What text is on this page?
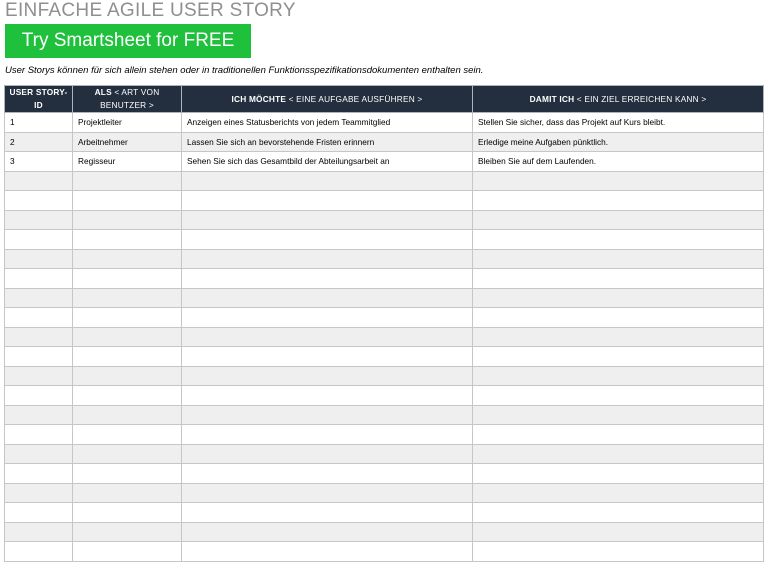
EINFACHE AGILE USER STORY
Try Smartsheet for FREE
User Storys können für sich allein stehen oder in traditionellen Funktionsspezifikationsdokumenten enthalten sein.
USER STORY-ID	ALS < ART VON BENUTZER >	ICH MÖCHTE < EINE AUFGABE AUSFÜHREN >	DAMIT ICH < EIN ZIEL ERREICHEN KANN >
1	Projektleiter	Anzeigen eines Statusberichts von jedem Teammitglied	Stellen Sie sicher, dass das Projekt auf Kurs bleibt.
2	Arbeitnehmer	Lassen Sie sich an bevorstehende Fristen erinnern	Erledige meine Aufgaben pünktlich.
3	Regisseur	Sehen Sie sich das Gesamtbild der Abteilungsarbeit an	Bleiben Sie auf dem Laufenden.
